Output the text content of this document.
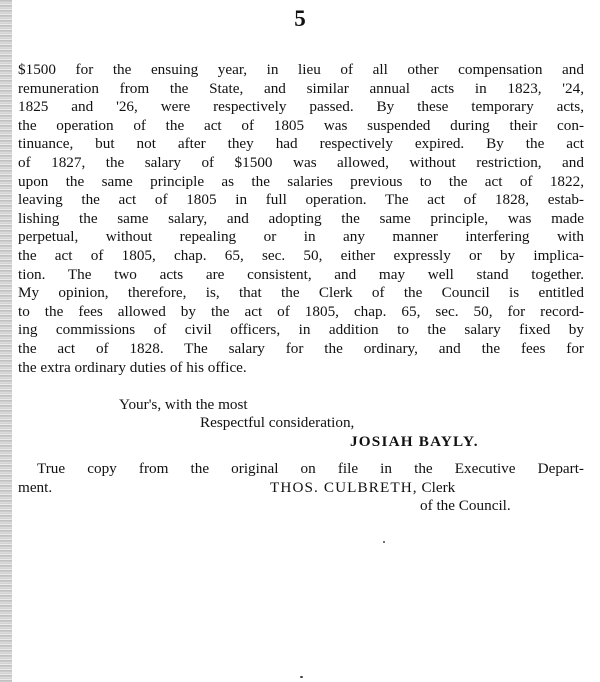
5
$1500 for the ensuing year, in lieu of all other compensation and
remuneration from the State, and similar annual acts in 1823, '24,
1825 and '26, were respectively passed. By these temporary acts,
the operation of the act of 1805 was suspended during their con-
tinuance, but not after they had respectively expired. By the act
of 1827, the salary of $1500 was allowed, without restriction, and
upon the same principle as the salaries previous to the act of 1822,
leaving the act of 1805 in full operation. The act of 1828, estab-
lishing the same salary, and adopting the same principle, was made
perpetual, without repealing or in any manner interfering with
the act of 1805, chap. 65, sec. 50, either expressly or by implica-
tion. The two acts are consistent, and may well stand together.
My opinion, therefore, is, that the Clerk of the Council is entitled
to the fees allowed by the act of 1805, chap. 65, sec. 50, for record-
ing commissions of civil officers, in addition to the salary fixed by
the act of 1828. The salary for the ordinary, and the fees for
the extra ordinary duties of his office.
Your's, with the most
Respectful consideration,
JOSIAH BAYLY.
True copy from the original on file in the Executive Depart-
ment.	THOS. CULBRETH, Clerk
of the Council.
